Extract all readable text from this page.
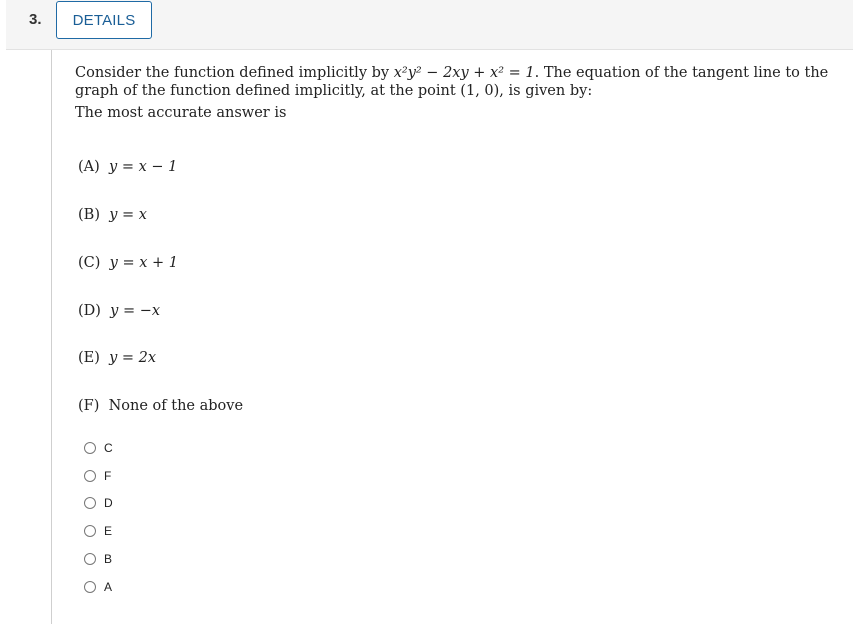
3.	DETAILS
Consider the function defined implicitly by x²y² − 2xy + x² = 1. The equation of the tangent line to the graph of the function defined implicitly, at the point (1, 0), is given by:
The most accurate answer is
(A) y = x − 1
(B) y = x
(C) y = x + 1
(D) y = −x
(E) y = 2x
(F) None of the above
C
F
D
E
B
A
